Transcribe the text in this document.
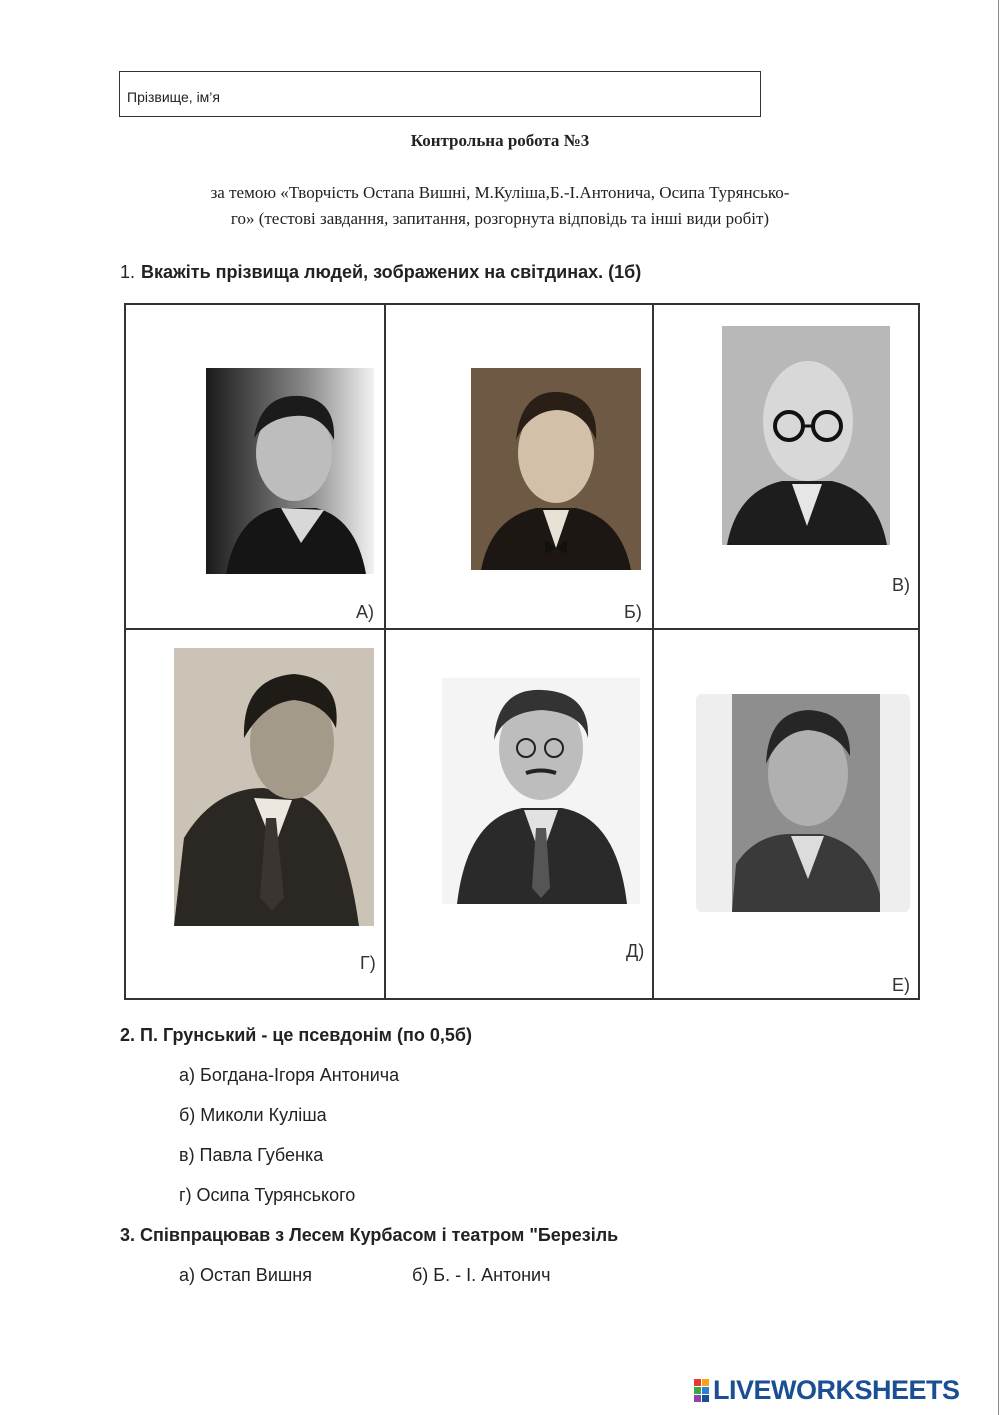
Прізвище, ім’я
Контрольна робота №3
за темою «Творчість Остапа Вишні, М.Куліша,Б.-І.Антонича, Осипа Турянсько-
го» (тестові завдання, запитання, розгорнута відповідь та інші види робіт)
1. Вкажіть прізвища людей, зображених на світдинах. (1б)
А)	Б)
В)
Г)
Д)
Е)
2. П. Грунський - це псевдонім (по 0,5б)
а) Богдана-Ігоря Антонича
б) Миколи Куліша
в) Павла Губенка
г) Осипа Турянського
3. Співпрацював з Лесем Курбасом і театром "Березіль
а) Остап Вишня	б) Б. - І. Антонич
LIVEWORKSHEETS
